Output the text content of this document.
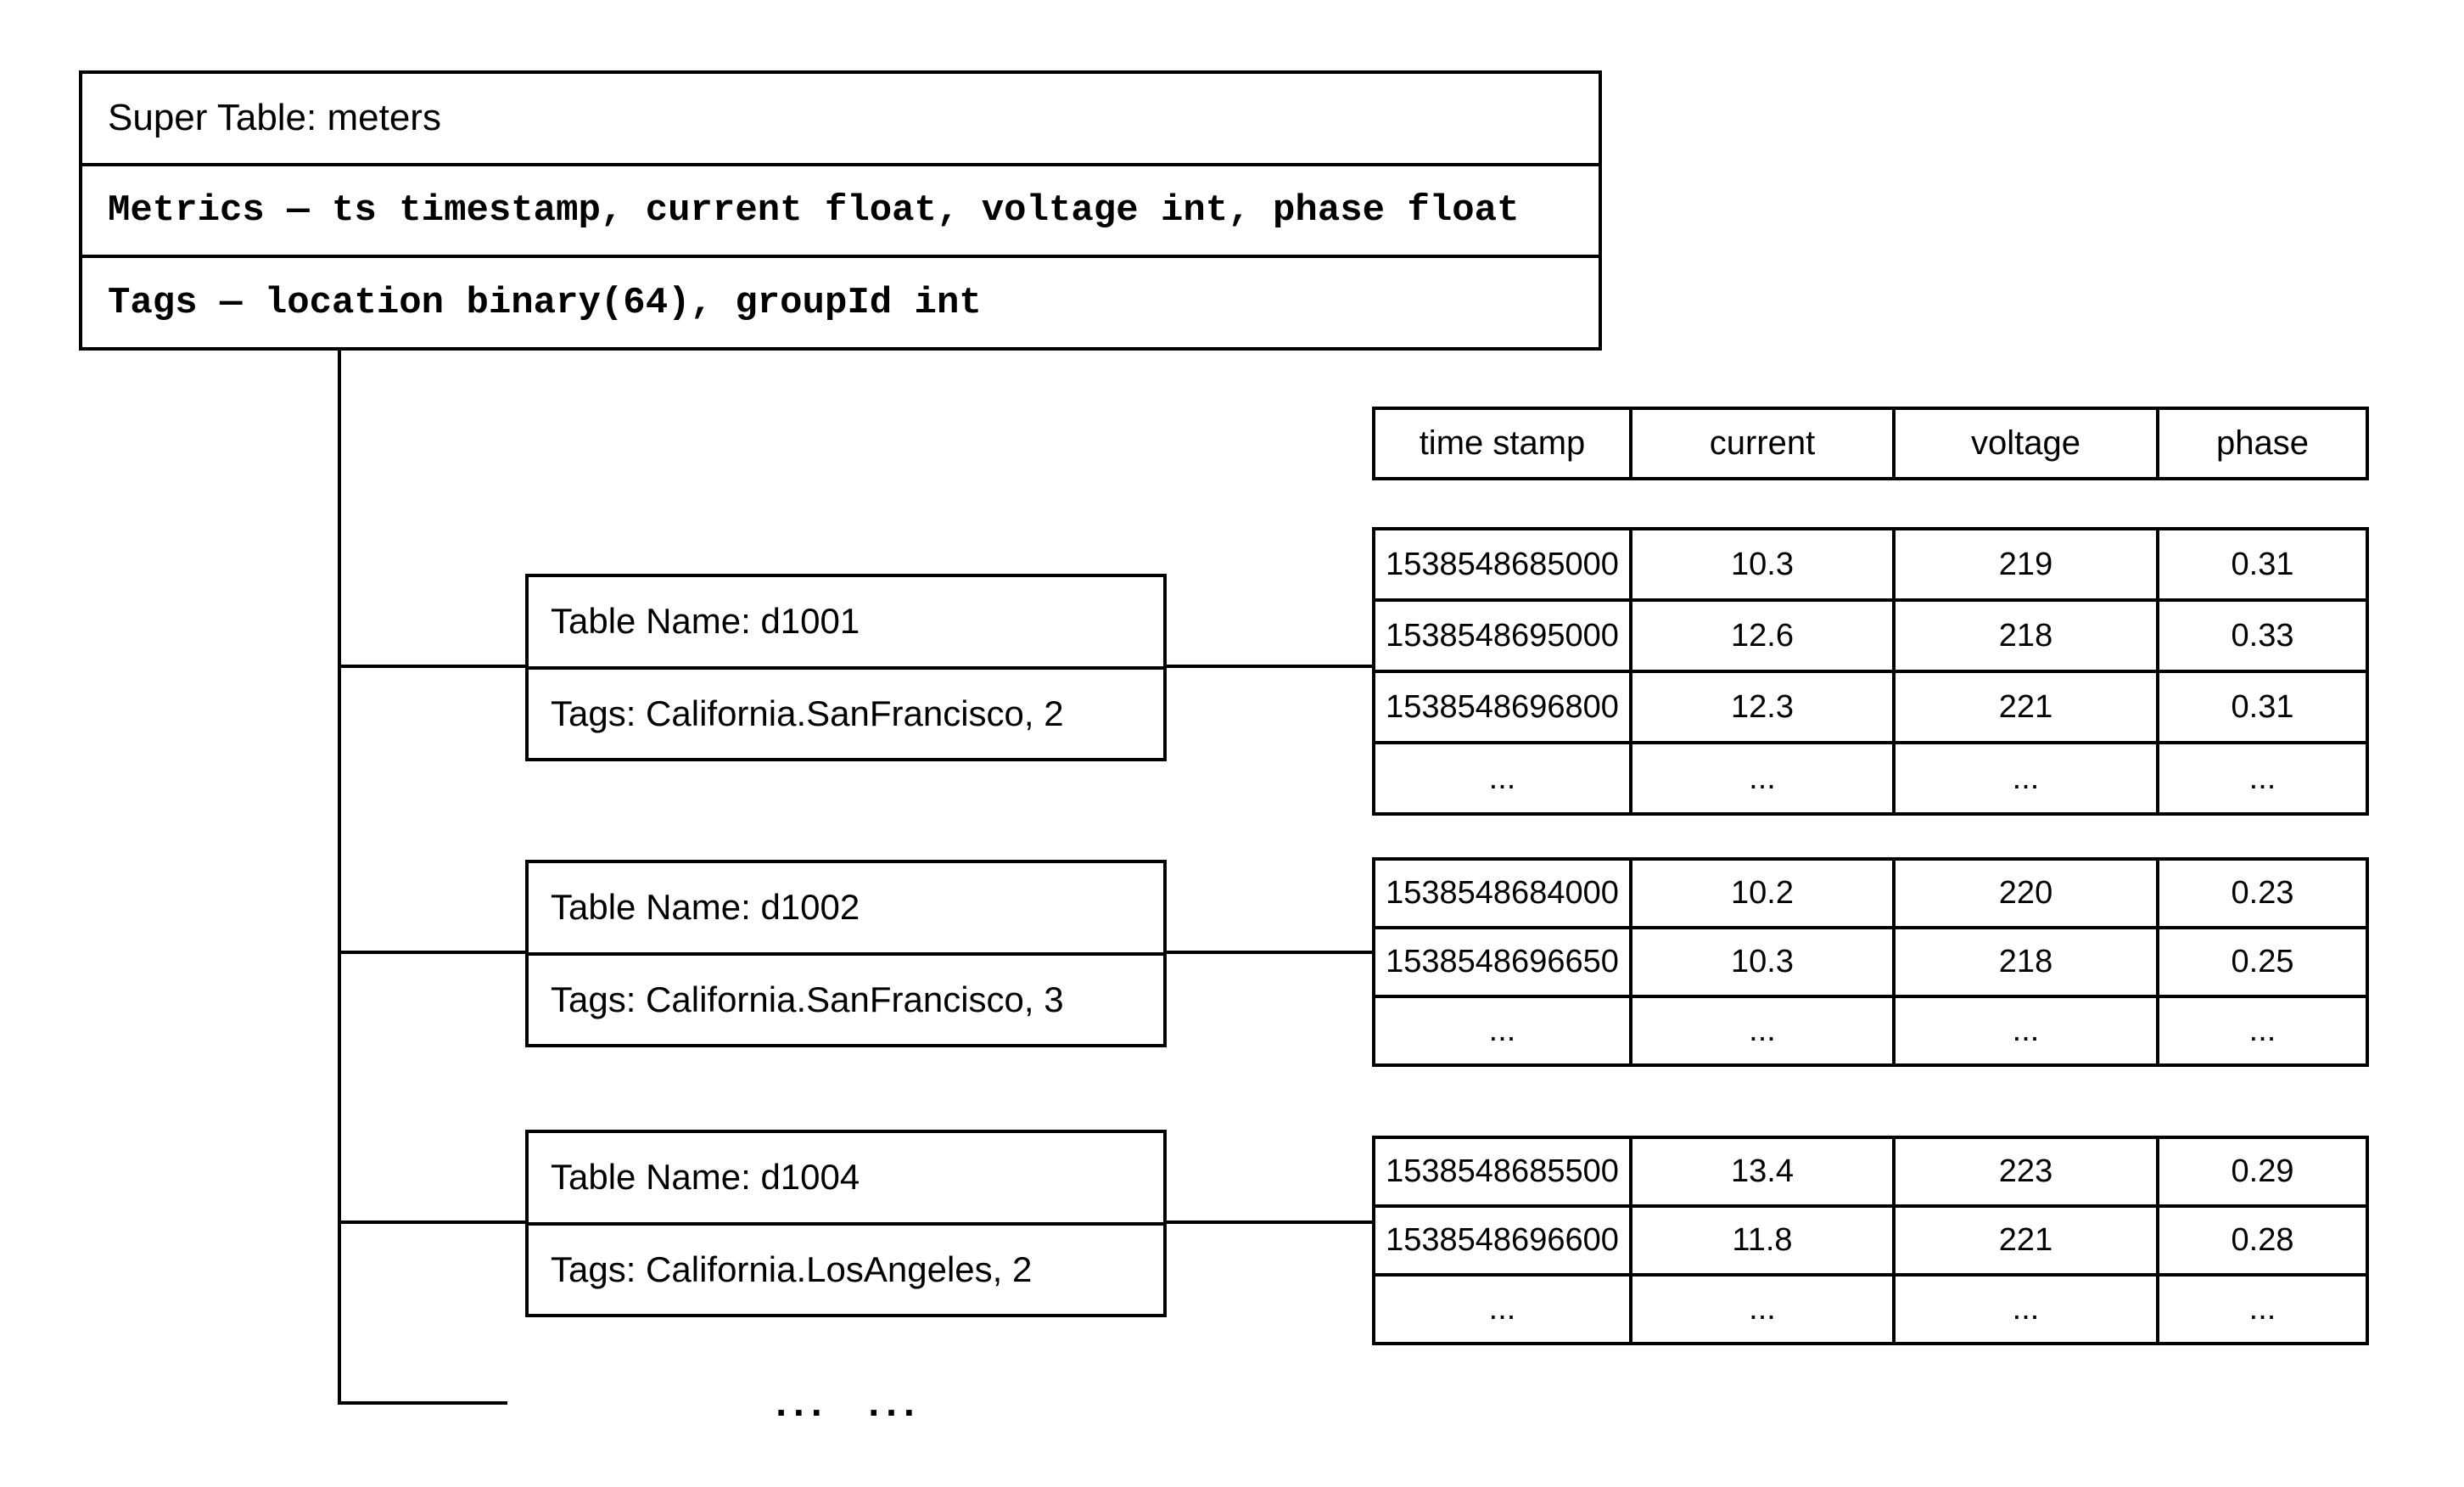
Super Table: meters
Metrics — ts timestamp, current float, voltage int, phase float
Tags — location binary(64), groupId int
Table Name: d1001
Tags: California.SanFrancisco, 2
Table Name: d1002
Tags: California.SanFrancisco, 3
Table Name: d1004
Tags: California.LosAngeles, 2
time stamp	current	voltage	phase
1538548685000	10.3	219	0.31
1538548695000	12.6	218	0.33
1538548696800	12.3	221	0.31
...	...	...	...
1538548684000	10.2	220	0.23
1538548696650	10.3	218	0.25
...	...	...	...
1538548685500	13.4	223	0.29
1538548696600	11.8	221	0.28
...	...	...	...
... ...
